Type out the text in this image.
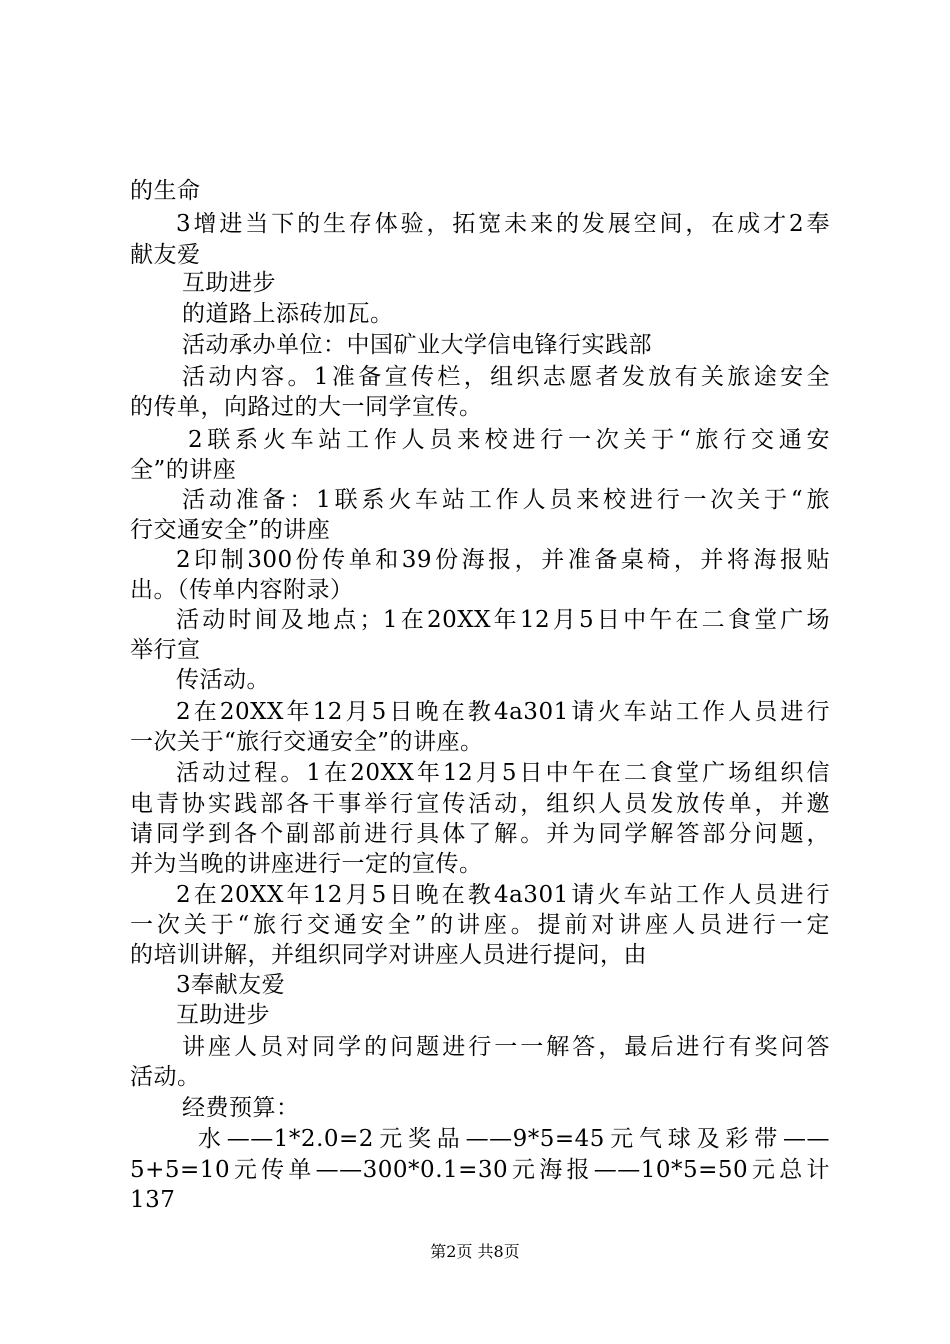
的生命
3增进当下的生存体验，拓宽未来的发展空间，在成才2奉
献友爱
互助进步
的道路上添砖加瓦。
活动承办单位：中国矿业大学信电锋行实践部
活动内容。1准备宣传栏，组织志愿者发放有关旅途安全
的传单，向路过的大一同学宣传。
2联系火车站工作人员来校进行一次关于“旅行交通安
全”的讲座
活动准备：1联系火车站工作人员来校进行一次关于“旅
行交通安全”的讲座
2印制300份传单和39份海报，并准备桌椅，并将海报贴
出。（传单内容附录）
活动时间及地点；1在20XX年12月5日中午在二食堂广场
举行宣
传活动。
2在20XX年12月5日晚在教4a301请火车站工作人员进行
一次关于“旅行交通安全”的讲座。
活动过程。1在20XX年12月5日中午在二食堂广场组织信
电青协实践部各干事举行宣传活动，组织人员发放传单，并邀
请同学到各个副部前进行具体了解。并为同学解答部分问题，
并为当晚的讲座进行一定的宣传。
2在20XX年12月5日晚在教4a301请火车站工作人员进行
一次关于“旅行交通安全”的讲座。提前对讲座人员进行一定
的培训讲解，并组织同学对讲座人员进行提问，由
3奉献友爱
互助进步
讲座人员对同学的问题进行一一解答，最后进行有奖问答
活动。
经费预算：
水——1*2.0=2元奖品——9*5=45元气球及彩带——
5+5=10元传单——300*0.1=30元海报——10*5=50元总计137
第2页 共8页
